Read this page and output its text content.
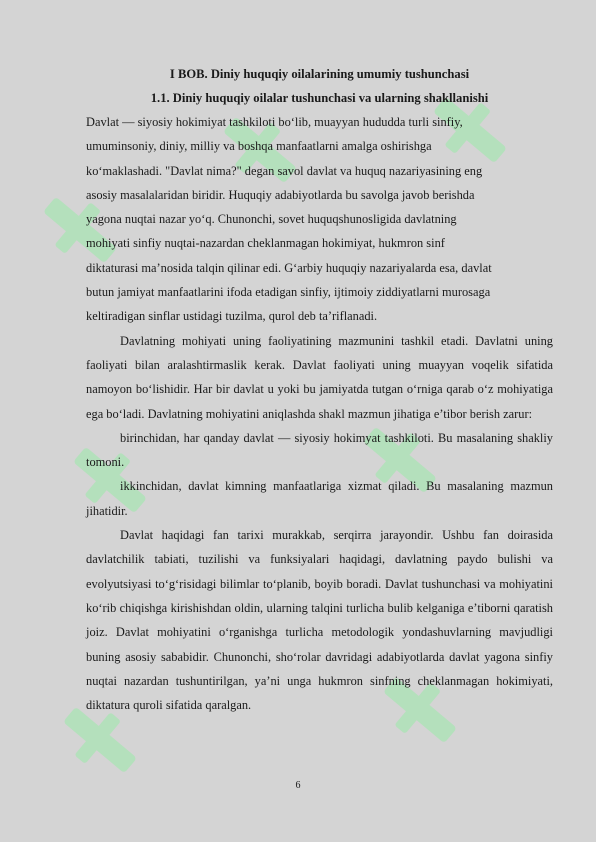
I BOB. Diniy huquqiy oilalarining umumiy tushunchasi

1.1. Diniy huquqiy oilalar tushunchasi va ularning shakllanishi

Davlat — siyosiy hokimiyat tashkiloti bo‘lib, muayyan hududda turli sinfiy,

umuminsoniy, diniy, milliy va boshqa manfaatlarni amalga oshirishga

ko‘maklashadi. "Davlat nima?" degan savol davlat va huquq nazariyasining eng

asosiy masalalaridan biridir. Huquqiy adabiyotlarda bu savolga javob berishda

yagona nuqtai nazar yo‘q. Chunonchi, sovet huquqshunosligida davlatning

mohiyati sinfiy nuqtai-nazardan cheklanmagan hokimiyat, hukmron sinf

diktaturasi ma’nosida talqin qilinar edi. G‘arbiy huquqiy nazariyalarda esa, davlat

butun jamiyat manfaatlarini ifoda etadigan sinfiy, ijtimoiy ziddiyatlarni murosaga

keltiradigan sinflar ustidagi tuzilma, qurol deb ta’riflanadi.

Davlatning mohiyati uning faoliyatining mazmunini tashkil etadi. Davlatni uning faoliyati bilan aralashtirmaslik kerak. Davlat faoliyati uning muayyan voqelik sifatida namoyon bo‘lishidir. Har bir davlat u yoki bu jamiyatda tutgan o‘rniga qarab o‘z mohiyatiga ega bo‘ladi. Davlatning mohiyatini aniqlashda shakl mazmun jihatiga e’tibor berish zarur:

birinchidan, har qanday davlat — siyosiy hokimyat tashkiloti. Bu masalaning shakliy tomoni.

ikkinchidan, davlat kimning manfaatlariga xizmat qiladi. Bu masalaning mazmun jihatidir.

Davlat haqidagi fan tarixi murakkab, serqirra jarayondir. Ushbu fan doirasida davlatchilik tabiati, tuzilishi va funksiyalari haqidagi, davlatning paydo bulishi va evolyutsiyasi to‘g‘risidagi bilimlar to‘planib, boyib boradi. Davlat tushunchasi va mohiyatini ko‘rib chiqishga kirishishdan oldin, ularning talqini turlicha bulib kelganiga e’tiborni qaratish joiz. Davlat mohiyatini o‘rganishga turlicha metodologik yondashuvlarning mavjudligi buning asosiy sababidir. Chunonchi, sho‘rolar davridagi adabiyotlarda davlat yagona sinfiy nuqtai nazardan tushuntirilgan, ya’ni unga hukmron sinfning cheklanmagan hokimiyati, diktatura quroli sifatida qaralgan.

6
